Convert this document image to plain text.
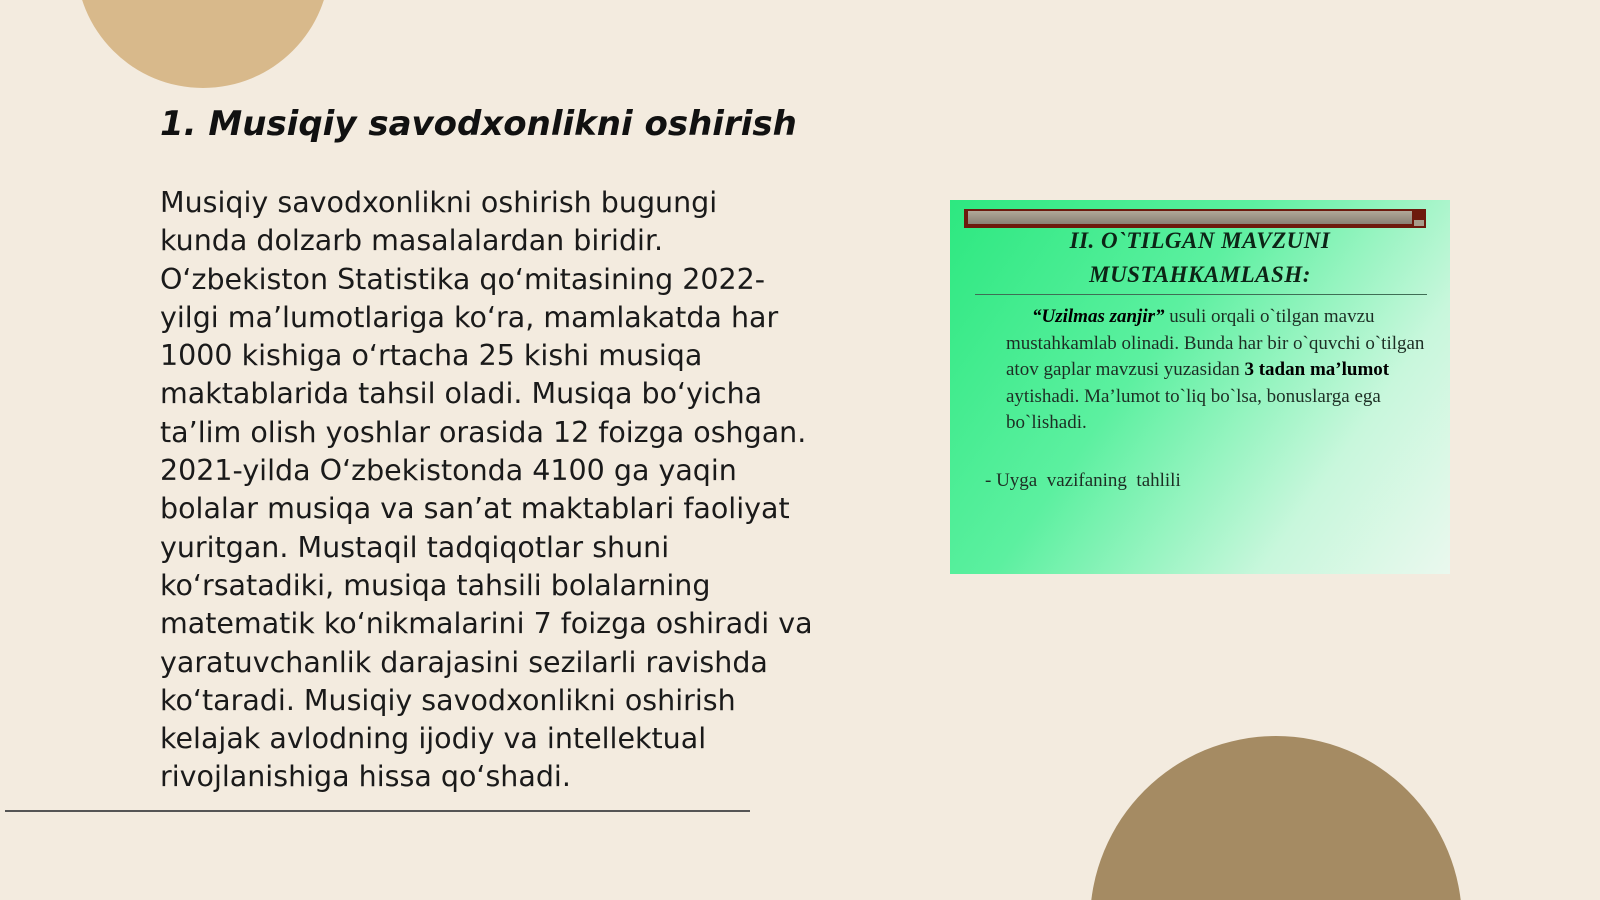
1. Musiqiy savodxonlikni oshirish
Musiqiy savodxonlikni oshirish bugungi
kunda dolzarb masalalardan biridir.
O‘zbekiston Statistika qo‘mitasining 2022-
yilgi ma’lumotlariga ko‘ra, mamlakatda har
1000 kishiga o‘rtacha 25 kishi musiqa
maktablarida tahsil oladi. Musiqa bo‘yicha
ta’lim olish yoshlar orasida 12 foizga oshgan.
2021-yilda O‘zbekistonda 4100 ga yaqin
bolalar musiqa va san’at maktablari faoliyat
yuritgan. Mustaqil tadqiqotlar shuni
ko‘rsatadiki, musiqa tahsili bolalarning
matematik ko‘nikmalarini 7 foizga oshiradi va
yaratuvchanlik darajasini sezilarli ravishda
ko‘taradi. Musiqiy savodxonlikni oshirish
kelajak avlodning ijodiy va intellektual
rivojlanishiga hissa qo‘shadi.
II. O`TILGAN MAVZUNI
MUSTAHKAMLASH:
“Uzilmas zanjir” usuli orqali o`tilgan mavzu mustahkamlab olinadi. Bunda har bir o`quvchi o`tilgan atov gaplar mavzusi yuzasidan 3 tadan ma’lumot aytishadi. Ma’lumot to`liq bo`lsa, bonuslarga ega bo`lishadi.
- Uyga  vazifaning  tahlili
